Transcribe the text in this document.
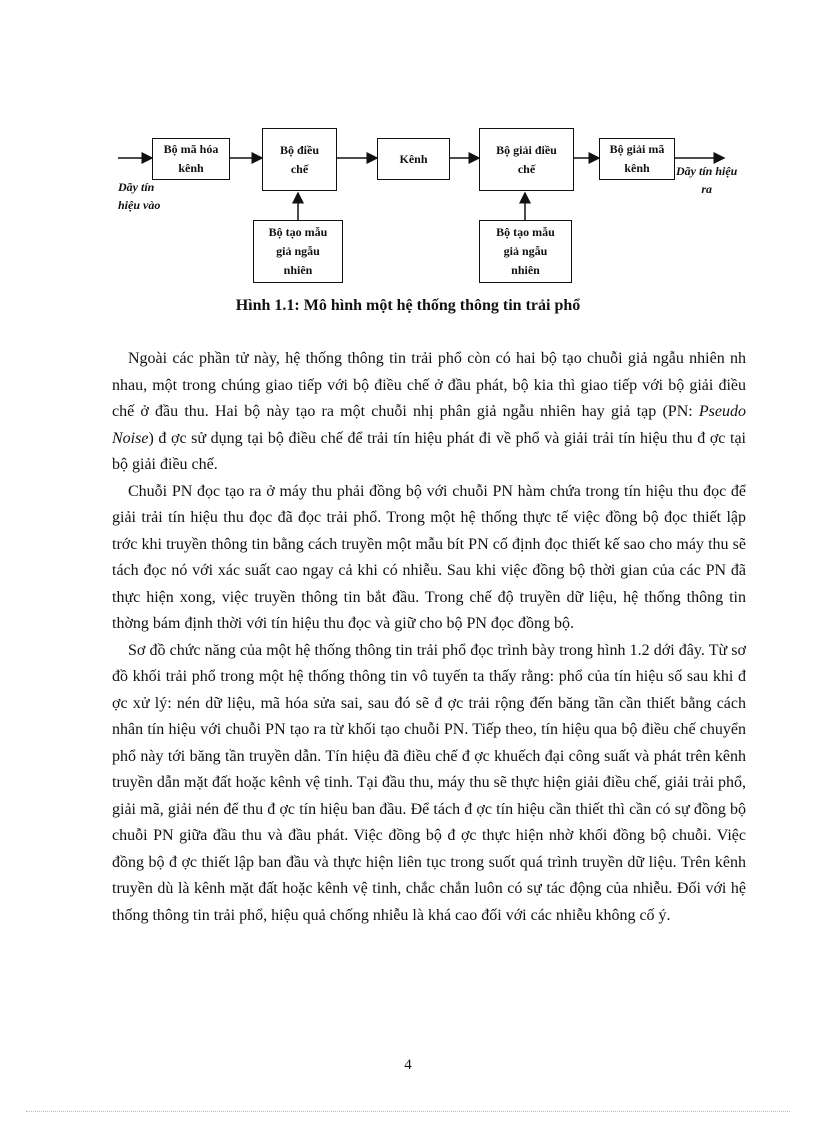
Bộ mã hóa
kênh
Bộ điều
chế
Kênh
Bộ giải điều
chế
Bộ giải mã
kênh
Bộ tạo mẫu
giả ngẫu
nhiên
Bộ tạo mẫu
giả ngẫu
nhiên
Dãy tín
hiệu vào
Dãy tín hiệu
ra
Hình 1.1: Mô hình một hệ thống thông tin trải phổ

Ngoài các phần tử này, hệ thống thông tin trải phổ còn có hai bộ tạo chuỗi giả ngẫu nhiên nh nhau, một trong chúng giao tiếp với bộ điều chế ở đầu phát, bộ kia thì giao tiếp với bộ giải điều chế ở đầu thu. Hai bộ này tạo ra một chuỗi nhị phân giả ngẫu nhiên hay giả tạp (PN: Pseudo Noise) đ ợc sử dụng tại bộ điều chế để trải tín hiệu phát đi về phổ và giải trải tín hiệu thu đ ợc tại bộ giải điều chế.

Chuỗi PN đọc tạo ra ở máy thu phải đồng bộ với chuỗi PN hàm chứa trong tín hiệu thu đọc để giải trải tín hiệu thu đọc đã đọc trải phổ. Trong một hệ thống thực tế việc đồng bộ đọc thiết lập trớc khi truyền thông tin bằng cách truyền một mẫu bít PN cố định đọc thiết kế sao cho máy thu sẽ tách đọc nó với xác suất cao ngay cả khi có nhiễu. Sau khi việc đồng bộ thời gian của các PN đã thực hiện xong, việc truyền thông tin bắt đầu. Trong chế độ truyền dữ liệu, hệ thống thông tin thờng bám định thời với tín hiệu thu đọc và giữ cho bộ PN đọc đồng bộ.

Sơ đồ chức năng của một hệ thống thông tin trải phổ đọc trình bày trong hình 1.2 dới đây. Từ sơ đồ khối trải phổ trong một hệ thống thông tin vô tuyến ta thấy rằng: phổ của tín hiệu số sau khi đ ợc xử lý: nén dữ liệu, mã hóa sửa sai, sau đó sẽ đ ợc trải rộng đến băng tần cần thiết bằng cách nhân tín hiệu với chuỗi PN tạo ra từ khối tạo chuỗi PN. Tiếp theo, tín hiệu qua bộ điều chế chuyển phổ này tới băng tần truyền dẫn. Tín hiệu đã điều chế đ ợc khuếch đại công suất và phát trên kênh truyền dẫn mặt đất hoặc kênh vệ tinh. Tại đầu thu, máy thu sẽ thực hiện giải điều chế, giải trải phổ, giải mã, giải nén để thu đ ợc tín hiệu ban đầu. Để tách đ ợc tín hiệu cần thiết thì cần có sự đồng bộ chuỗi PN giữa đầu thu và đầu phát. Việc đồng bộ đ ợc thực hiện nhờ khối đồng bộ chuỗi. Việc đồng bộ đ ợc thiết lập ban đầu và thực hiện liên tục trong suốt quá trình truyền dữ liệu. Trên kênh truyền dù là kênh mặt đất hoặc kênh vệ tinh, chắc chắn luôn có sự tác động của nhiễu. Đối với hệ thống thông tin trải phổ, hiệu quả chống nhiễu là khá cao đối với các nhiễu không cố ý.

4
